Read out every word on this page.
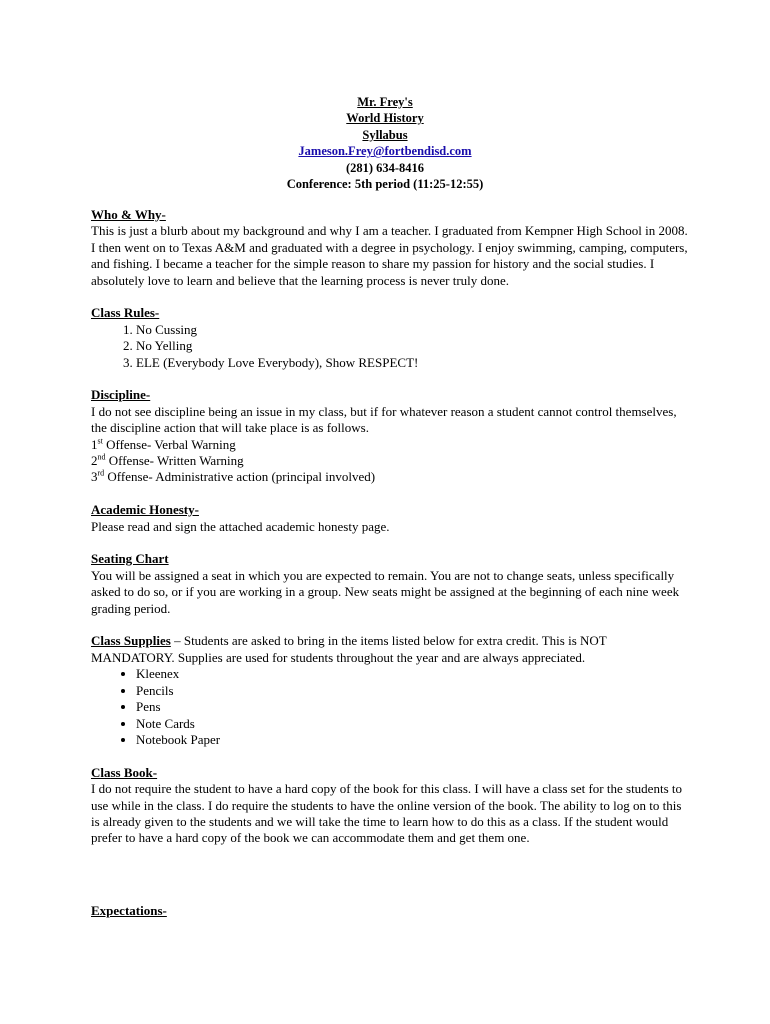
Mr. Frey's
World History
Syllabus
Jameson.Frey@fortbendisd.com
(281) 634-8416
Conference: 5th period (11:25-12:55)
Who & Why-

This is just a blurb about my background and why I am a teacher. I graduated from Kempner High School in 2008. I then went on to Texas A&M and graduated with a degree in psychology. I enjoy swimming, camping, computers, and fishing. I became a teacher for the simple reason to share my passion for history and the social studies. I absolutely love to learn and believe that the learning process is never truly done.

Class Rules-
1. No Cussing
2. No Yelling
3. ELE (Everybody Love Everybody), Show RESPECT!
Discipline-

I do not see discipline being an issue in my class, but if for whatever reason a student cannot control themselves, the discipline action that will take place is as follows.

1st Offense- Verbal Warning
2nd Offense- Written Warning
3rd Offense- Administrative action (principal involved)
Academic Honesty-

Please read and sign the attached academic honesty page.

Seating Chart

You will be assigned a seat in which you are expected to remain. You are not to change seats, unless specifically asked to do so, or if you are working in a group. New seats might be assigned at the beginning of each nine week grading period.

Class Supplies – Students are asked to bring in the items listed below for extra credit. This is NOT MANDATORY. Supplies are used for students throughout the year and are always appreciated.

• Kleenex
• Pencils
• Pens
• Note Cards
• Notebook Paper
Class Book-

I do not require the student to have a hard copy of the book for this class. I will have a class set for the students to use while in the class. I do require the students to have the online version of the book. The ability to log on to this is already given to the students and we will take the time to learn how to do this as a class. If the student would prefer to have a hard copy of the book we can accommodate them and get them one.

Expectations-
